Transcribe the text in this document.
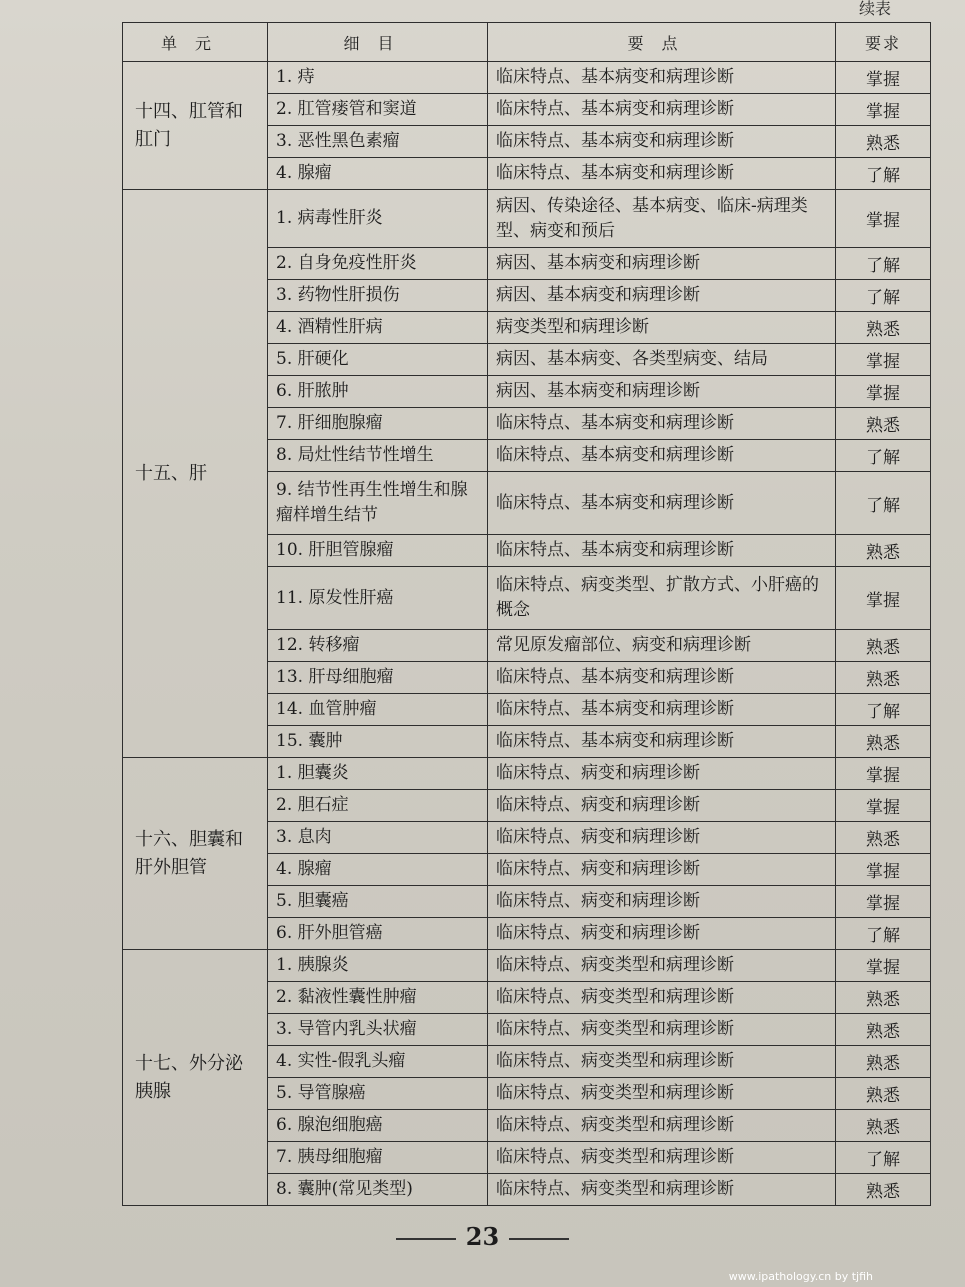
续表
单元	细目	要点	要求
十四、肛管和肛门	1. 痔	临床特点、基本病变和病理诊断	掌握
	2. 肛管瘘管和窦道	临床特点、基本病变和病理诊断	掌握
	3. 恶性黑色素瘤	临床特点、基本病变和病理诊断	熟悉
	4. 腺瘤	临床特点、基本病变和病理诊断	了解
十五、肝	1. 病毒性肝炎	病因、传染途径、基本病变、临床-病理类型、病变和预后	掌握
	2. 自身免疫性肝炎	病因、基本病变和病理诊断	了解
	3. 药物性肝损伤	病因、基本病变和病理诊断	了解
	4. 酒精性肝病	病变类型和病理诊断	熟悉
	5. 肝硬化	病因、基本病变、各类型病变、结局	掌握
	6. 肝脓肿	病因、基本病变和病理诊断	掌握
	7. 肝细胞腺瘤	临床特点、基本病变和病理诊断	熟悉
	8. 局灶性结节性增生	临床特点、基本病变和病理诊断	了解
	9. 结节性再生性增生和腺瘤样增生结节	临床特点、基本病变和病理诊断	了解
	10. 肝胆管腺瘤	临床特点、基本病变和病理诊断	熟悉
	11. 原发性肝癌	临床特点、病变类型、扩散方式、小肝癌的概念	掌握
	12. 转移瘤	常见原发瘤部位、病变和病理诊断	熟悉
	13. 肝母细胞瘤	临床特点、基本病变和病理诊断	熟悉
	14. 血管肿瘤	临床特点、基本病变和病理诊断	了解
	15. 囊肿	临床特点、基本病变和病理诊断	熟悉
十六、胆囊和肝外胆管	1. 胆囊炎	临床特点、病变和病理诊断	掌握
	2. 胆石症	临床特点、病变和病理诊断	掌握
	3. 息肉	临床特点、病变和病理诊断	熟悉
	4. 腺瘤	临床特点、病变和病理诊断	掌握
	5. 胆囊癌	临床特点、病变和病理诊断	掌握
	6. 肝外胆管癌	临床特点、病变和病理诊断	了解
十七、外分泌胰腺	1. 胰腺炎	临床特点、病变类型和病理诊断	掌握
	2. 黏液性囊性肿瘤	临床特点、病变类型和病理诊断	熟悉
	3. 导管内乳头状瘤	临床特点、病变类型和病理诊断	熟悉
	4. 实性-假乳头瘤	临床特点、病变类型和病理诊断	熟悉
	5. 导管腺癌	临床特点、病变类型和病理诊断	熟悉
	6. 腺泡细胞癌	临床特点、病变类型和病理诊断	熟悉
	7. 胰母细胞瘤	临床特点、病变类型和病理诊断	了解
	8. 囊肿(常见类型)	临床特点、病变类型和病理诊断	熟悉
23
www.ipathology.cn by tjfih
